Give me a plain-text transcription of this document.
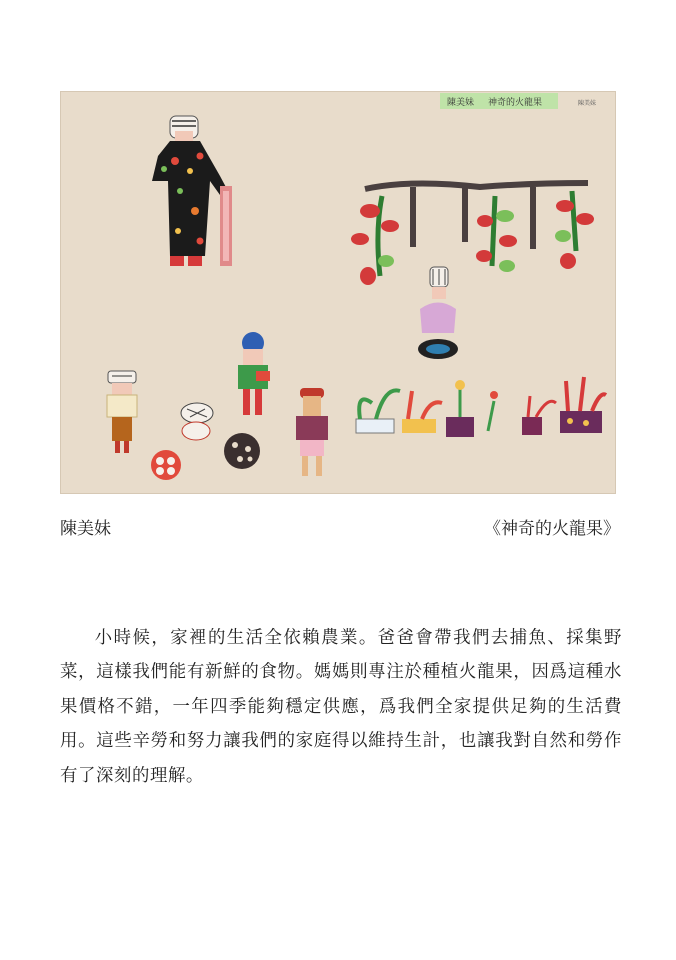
陳美妹 神奇的火龍果	陳美妹
陳美妹	《神奇的火龍果》

小時候，家裡的生活全依賴農業。爸爸會帶我們去捕魚、採集野菜，這樣我們能有新鮮的食物。媽媽則專注於種植火龍果，因爲這種水果價格不錯，一年四季能夠穩定供應，爲我們全家提供足夠的生活費用。這些辛勞和努力讓我們的家庭得以維持生計，也讓我對自然和勞作有了深刻的理解。
